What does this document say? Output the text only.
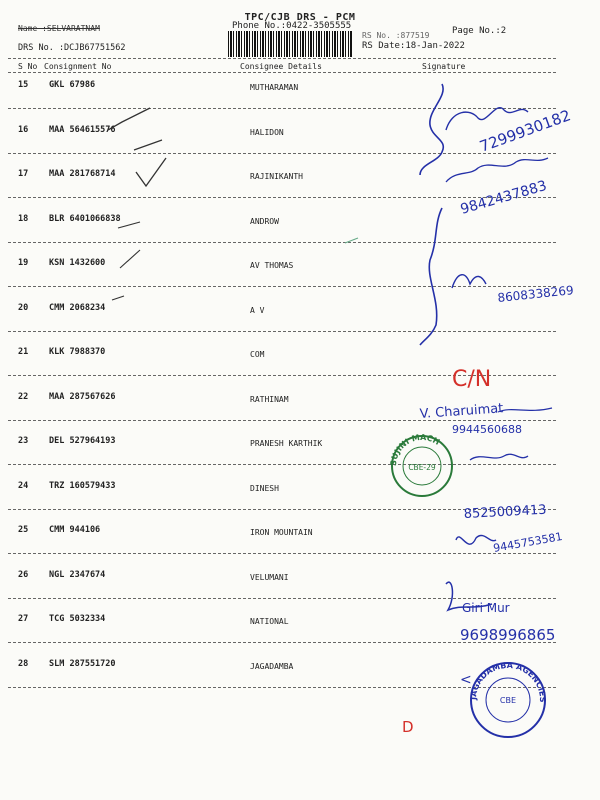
TPC/CJB DRS - PCM
Phone No.:0422-3505555
Name :SELVARATNAM
DRS No. :DCJB67751562
Page No.:2
RS No. :877519
RS Date:18-Jan-2022
S No Consignment No	Consignee Details	Signature
15 GKL 67986	MUTHARAMAN
16 MAA 564615576	HALIDON
17 MAA 281768714	RAJINIKANTH
18 BLR 6401066838	ANDROW
19 KSN 1432600	AV THOMAS
20 CMM 2068234	A V
21 KLK 7988370	COM
22 MAA 287567626	RATHINAM
23 DEL 527964193	PRANESH KARTHIK
24 TRZ 160579433	DINESH
25 CMM 944106	IRON MOUNTAIN
26 NGL 2347674	VELUMANI
27 TCG 5032334	NATIONAL
28 SLM 287551720	JAGADAMBA
7299930182
9842437883
8608338269
C/N
V. Charuimat
9944560688
8525009413
9445753581
Giri Mur
9698996865
D
<
SUJINI MACH
CBE-29
JAGADAMBA AGENCIES
CBE
